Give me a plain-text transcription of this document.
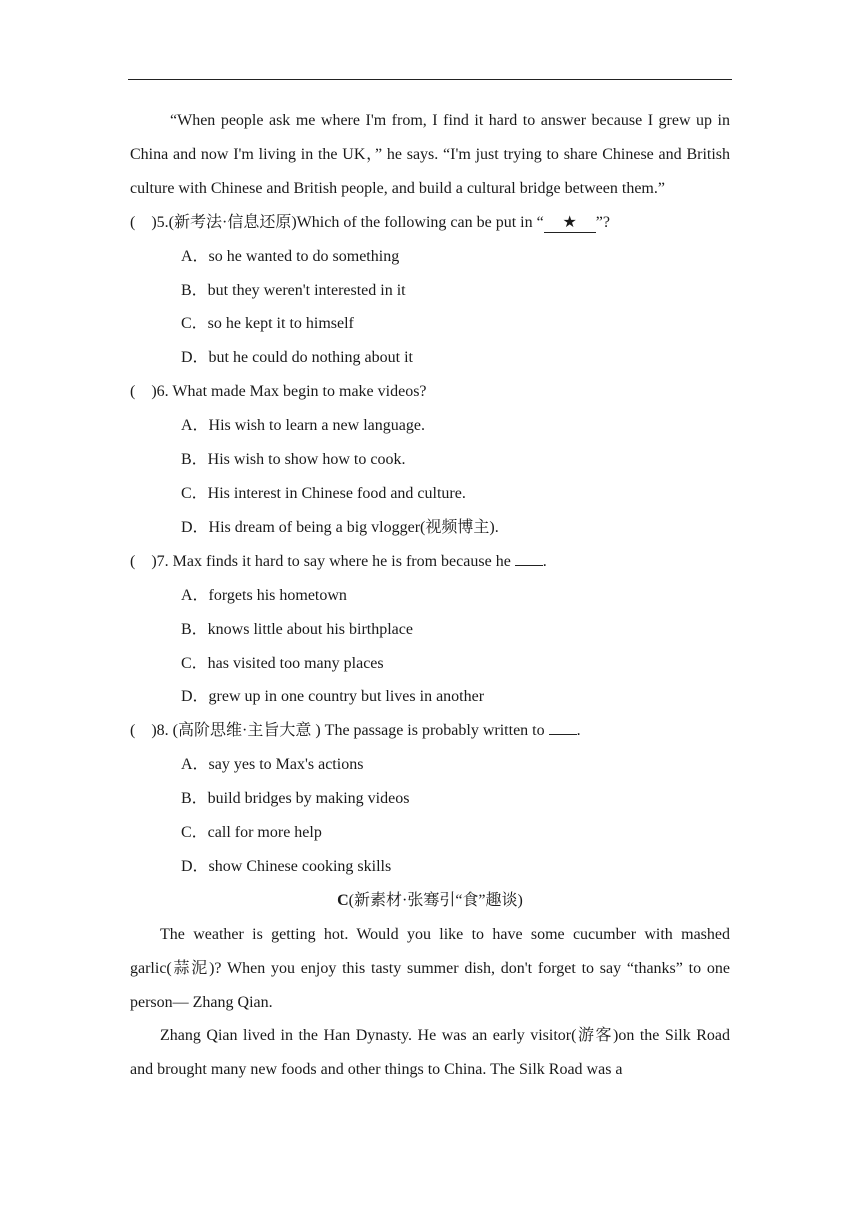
“When people ask me where I'm from, I find it hard to answer because I grew up in China and now I'm living in the UK，” he says. “I'm just trying to share Chinese and British culture with Chinese and British people, and build a cultural bridge between them.”

(　)5.(新考法·信息还原)Which of the following can be put in “ ★ ”?

A．so he wanted to do something

B．but they weren't interested in it

C．so he kept it to himself

D．but he could do nothing about it

(　)6. What made Max begin to make videos?

A．His wish to learn a new language.

B．His wish to show how to cook.

C．His interest in Chinese food and culture.

D．His dream of being a big vlogger(视频博主).

(　)7. Max finds it hard to say where he is from because he .

A．forgets his hometown

B．knows little about his birthplace

C．has visited too many places

D．grew up in one country but lives in another

(　)8. (高阶思维·主旨大意 ) The passage is probably written to .

A．say yes to Max's actions

B．build bridges by making videos

C．call for more help

D．show Chinese cooking skills

C(新素材·张骞引“食”趣谈)

The weather is getting hot. Would you like to have some cucumber with mashed garlic(蒜泥)? When you enjoy this tasty summer dish, don't forget to say “thanks” to one person— Zhang Qian.

Zhang Qian lived in the Han Dynasty. He was an early visitor(游客)on the Silk Road and brought many new foods and other things to China. The Silk Road was a
